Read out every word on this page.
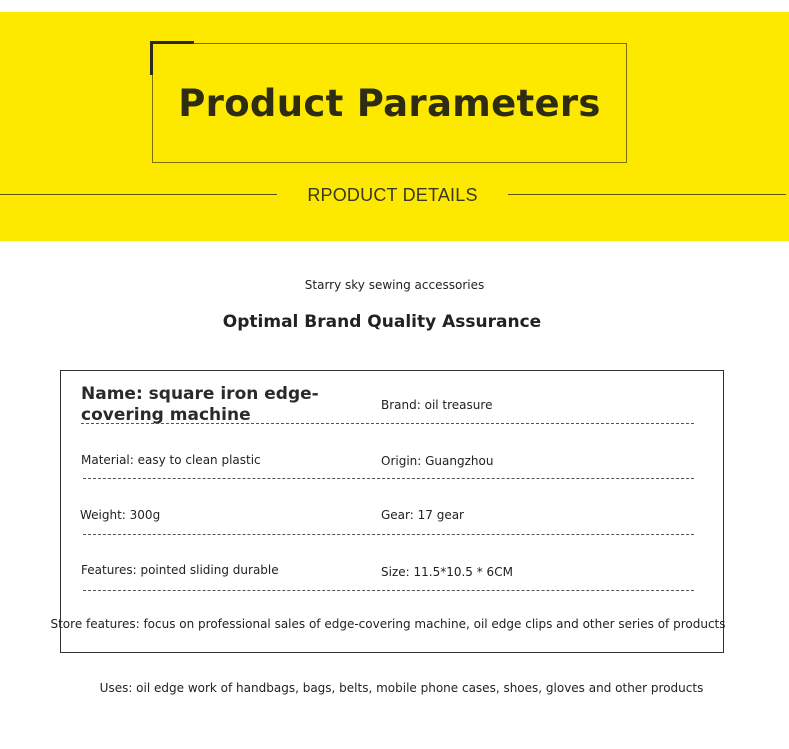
Product Parameters
RPODUCT DETAILS
Starry sky sewing accessories
Optimal Brand Quality Assurance
Name: square iron edge-covering machine	Brand: oil treasure
Material: easy to clean plastic	Origin: Guangzhou
Weight: 300g	Gear: 17 gear
Features: pointed sliding durable	Size: 11.5*10.5 * 6CM
Store features: focus on professional sales of edge-covering machine, oil edge clips and other series of products
Uses: oil edge work of handbags, bags, belts, mobile phone cases, shoes, gloves and other products
